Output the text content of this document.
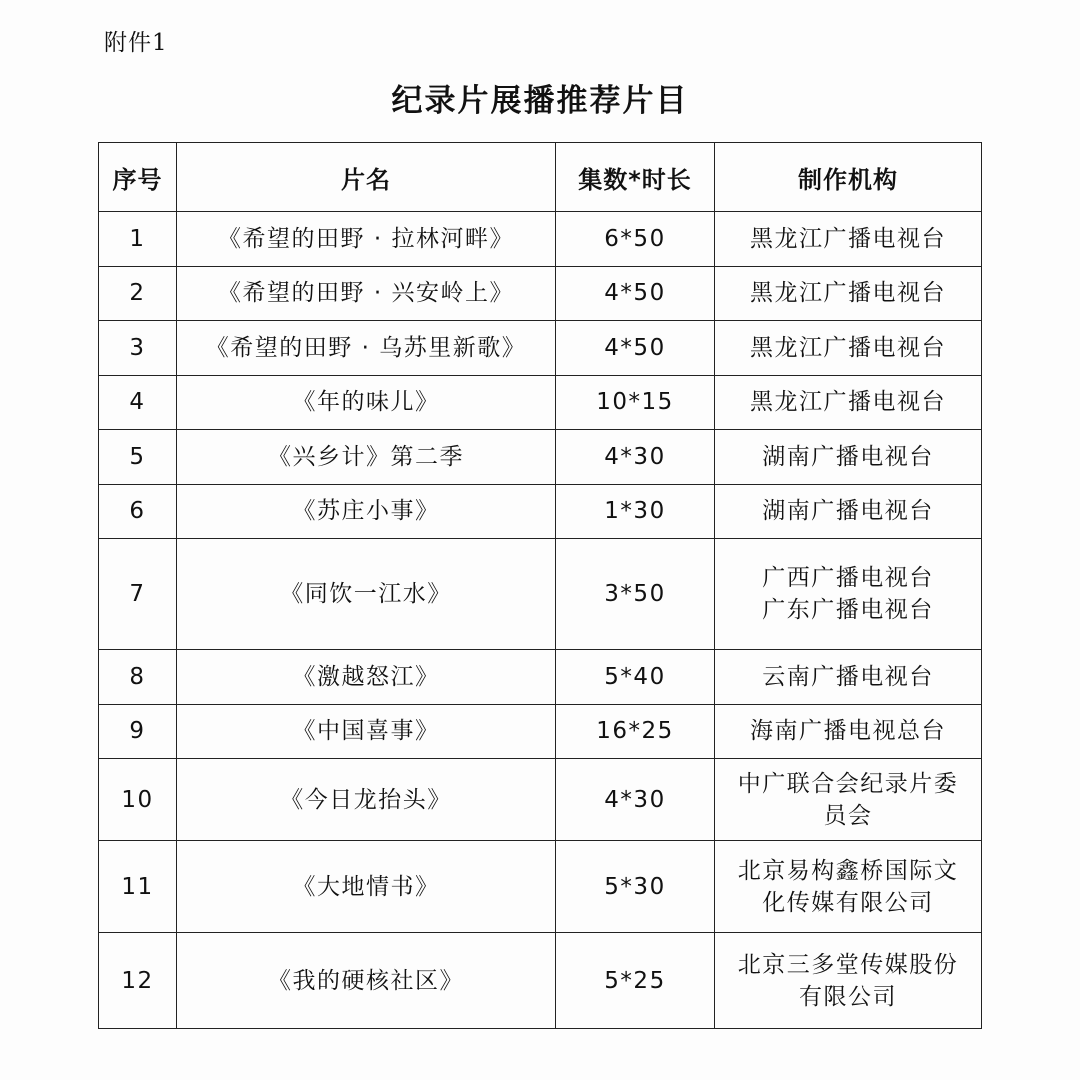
附件1
纪录片展播推荐片目
序号	片名	集数*时长	制作机构
1	《希望的田野 · 拉林河畔》	6*50	黑龙江广播电视台

2	《希望的田野 · 兴安岭上》	4*50	黑龙江广播电视台

3	《希望的田野 · 乌苏里新歌》	4*50	黑龙江广播电视台

4	《年的味儿》	10*15	黑龙江广播电视台

5	《兴乡计》第二季	4*30	湖南广播电视台

6	《苏庄小事》	1*30	湖南广播电视台

7	《同饮一江水》	3*50	广西广播电视台
广东广播电视台

8	《激越怒江》	5*40	云南广播电视台

9	《中国喜事》	16*25	海南广播电视总台

10	《今日龙抬头》	4*30	中广联合会纪录片委
员会

11	《大地情书》	5*30	北京易构鑫桥国际文
化传媒有限公司

12	《我的硬核社区》	5*25	北京三多堂传媒股份
有限公司
